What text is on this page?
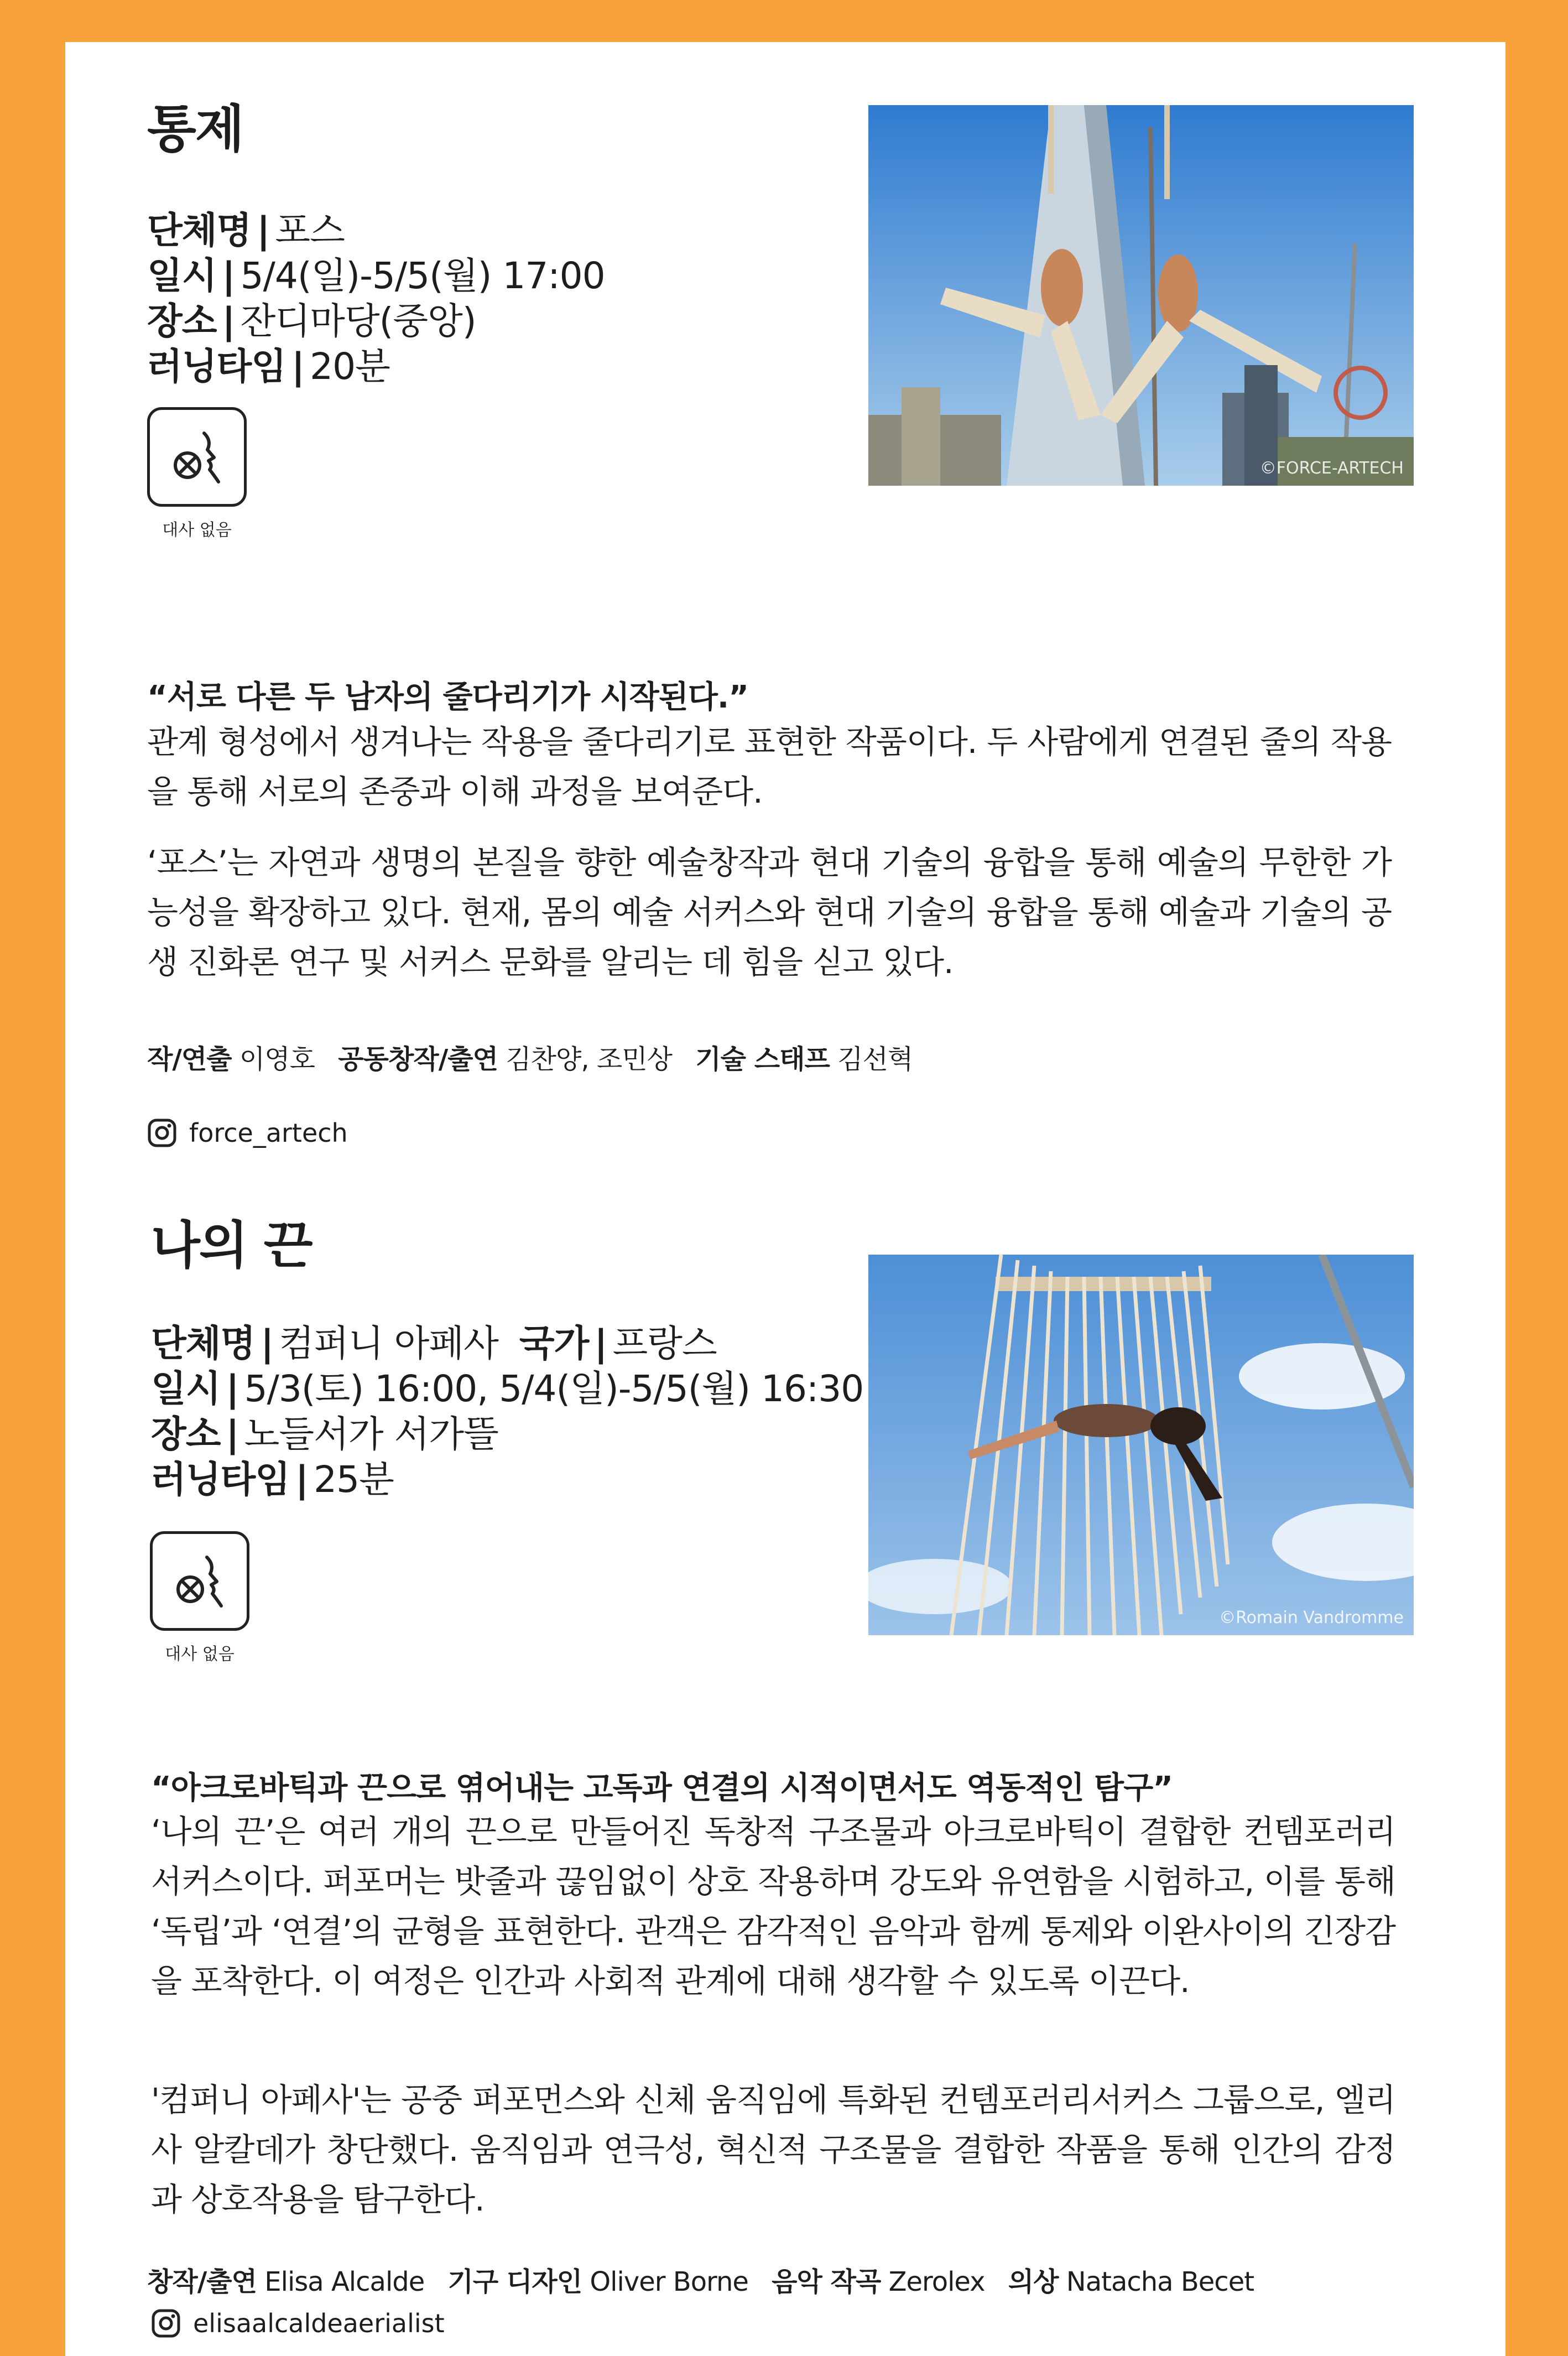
통제
단체명 | 포스
일시 | 5/4(일)-5/5(월) 17:00
장소 | 잔디마당(중앙)
러닝타임 | 20분
대사 없음
©FORCE-ARTECH
“서로 다른 두 남자의 줄다리기가 시작된다.”
관계 형성에서 생겨나는 작용을 줄다리기로 표현한 작품이다. 두 사람에게 연결된 줄의 작용을 통해 서로의 존중과 이해 과정을 보여준다.
‘포스’는 자연과 생명의 본질을 향한 예술창작과 현대 기술의 융합을 통해 예술의 무한한 가능성을 확장하고 있다. 현재, 몸의 예술 서커스와 현대 기술의 융합을 통해 예술과 기술의 공생 진화론 연구 및 서커스 문화를 알리는 데 힘을 싣고 있다.
작/연출 이영호 공동창작/출연 김찬양, 조민상 기술 스태프 김선혁
force_artech
나의 끈
단체명 | 컴퍼니 아페사 국가 | 프랑스
일시 | 5/3(토) 16:00, 5/4(일)-5/5(월) 16:30
장소 | 노들서가 서가뜰
러닝타임 | 25분
대사 없음
©Romain Vandromme
“아크로바틱과 끈으로 엮어내는 고독과 연결의 시적이면서도 역동적인 탐구”
‘나의 끈’은 여러 개의 끈으로 만들어진 독창적 구조물과 아크로바틱이 결합한 컨템포러리 서커스이다. 퍼포머는 밧줄과 끊임없이 상호 작용하며 강도와 유연함을 시험하고, 이를 통해 ‘독립’과 ‘연결’의 균형을 표현한다. 관객은 감각적인 음악과 함께 통제와 이완사이의 긴장감을 포착한다. 이 여정은 인간과 사회적 관계에 대해 생각할 수 있도록 이끈다.
'컴퍼니 아페사'는 공중 퍼포먼스와 신체 움직임에 특화된 컨템포러리서커스 그룹으로, 엘리사 알칼데가 창단했다. 움직임과 연극성, 혁신적 구조물을 결합한 작품을 통해 인간의 감정과 상호작용을 탐구한다.
창작/출연 Elisa Alcalde 기구 디자인 Oliver Borne 음악 작곡 Zerolex 의상 Natacha Becet
elisaalcaldeaerialist
